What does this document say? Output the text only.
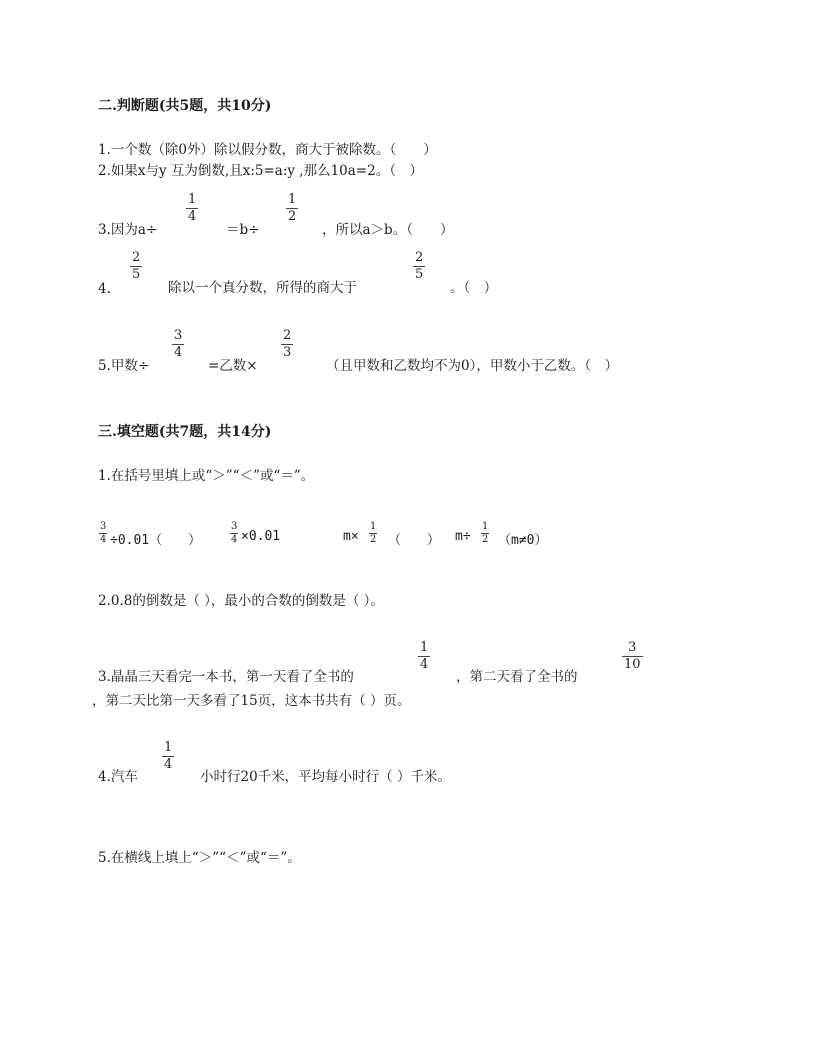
二.判断题(共5题，共10分)
1.一个数（除0外）除以假分数，商大于被除数。（　　）
2.如果x与y 互为倒数,且x:5=a:y ,那么10a=2。（　）
3.因为a÷
1
4
＝b÷
1
2
，所以a＞b。（　　）
4.
2
5
除以一个真分数，所得的商大于
2
5
。（　）
5.甲数÷
3
4
=乙数×
2
3
（且甲数和乙数均不为0），甲数小于乙数。（　）
三.填空题(共7题，共14分)
1.在括号里填上或“＞”“＜”或“＝”。
3
4 ÷0.01（　　）
3
4 ×0.01	m×
1
2 （　　） m÷
1
2 （m≠0）
2.0.8的倒数是（ ），最小的合数的倒数是（ ）。
3.晶晶三天看完一本书，第一天看了全书的
1
4
，第二天看了全书的
3
10
，第二天比第一天多看了15页，这本书共有（ ）页。
4.汽车
1
4
小时行20千米，平均每小时行（ ）千米。
5.在横线上填上“＞”“＜”或“＝”。
